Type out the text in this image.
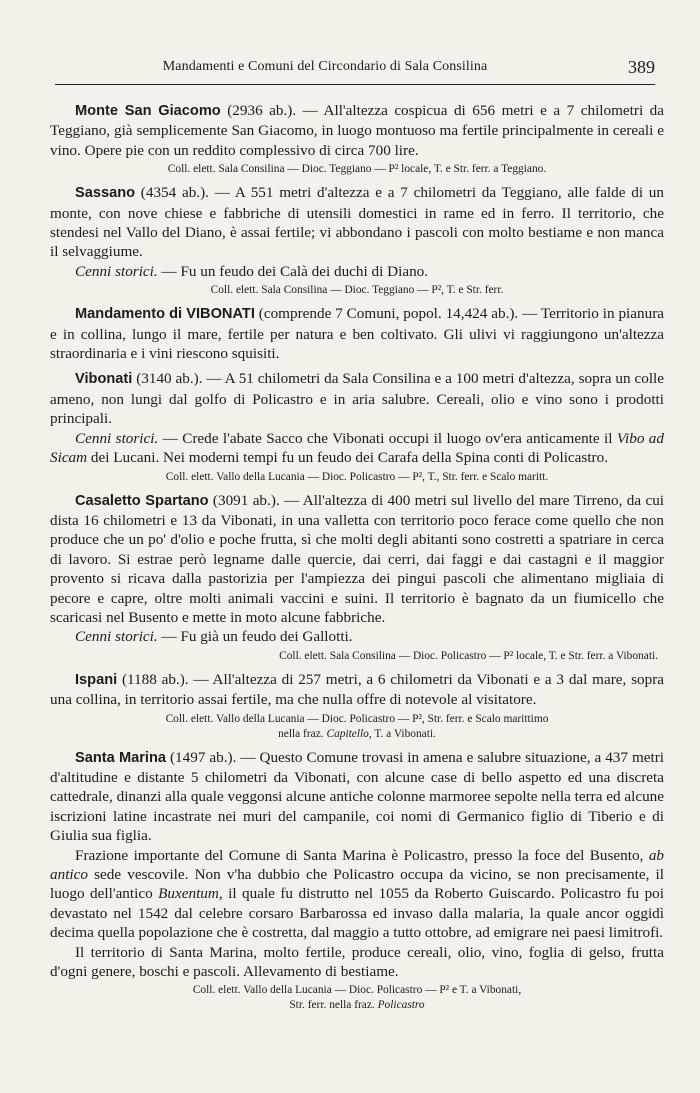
Mandamenti e Comuni del Circondario di Sala Consilina	389

Monte San Giacomo (2936 ab.). — All'altezza cospicua di 656 metri e a 7 chilometri da Teggiano, già semplicemente San Giacomo, in luogo montuoso ma fertile principalmente in cereali e vino. Opere pie con un reddito complessivo di circa 700 lire.

Coll. elett. Sala Consilina — Dioc. Teggiano — P² locale, T. e Str. ferr. a Teggiano.

Sassano (4354 ab.). — A 551 metri d'altezza e a 7 chilometri da Teggiano, alle falde di un monte, con nove chiese e fabbriche di utensili domestici in rame ed in ferro. Il territorio, che stendesi nel Vallo del Diano, è assai fertile; vi abbondano i pascoli con molto bestiame e non manca il selvaggiume.

Cenni storici. — Fu un feudo dei Calà dei duchi di Diano.

Coll. elett. Sala Consilina — Dioc. Teggiano — P², T. e Str. ferr.

Mandamento di VIBONATI (comprende 7 Comuni, popol. 14,424 ab.). — Territorio in pianura e in collina, lungo il mare, fertile per natura e ben coltivato. Gli ulivi vi raggiungono un'altezza straordinaria e i vini riescono squisiti.

Vibonati (3140 ab.). — A 51 chilometri da Sala Consilina e a 100 metri d'altezza, sopra un colle ameno, non lungi dal golfo di Policastro e in aria salubre. Cereali, olio e vino sono i prodotti principali.

Cenni storici. — Crede l'abate Sacco che Vibonati occupi il luogo ov'era anticamente il Vibo ad Sicam dei Lucani. Nei moderni tempi fu un feudo dei Carafa della Spina conti di Policastro.

Coll. elett. Vallo della Lucania — Dioc. Policastro — P², T., Str. ferr. e Scalo maritt.

Casaletto Spartano (3091 ab.). — All'altezza di 400 metri sul livello del mare Tirreno, da cui dista 16 chilometri e 13 da Vibonati, in una valletta con territorio poco ferace come quello che non produce che un po' d'olio e poche frutta, sì che molti degli abitanti sono costretti a spatriare in cerca di lavoro. Si estrae però legname dalle quercie, dai cerri, dai faggi e dai castagni e il maggior provento si ricava dalla pastorizia per l'ampiezza dei pingui pascoli che alimentano migliaia di pecore e capre, oltre molti animali vaccini e suini. Il territorio è bagnato da un fiumicello che scaricasi nel Busento e mette in moto alcune fabbriche.

Cenni storici. — Fu già un feudo dei Gallotti.

Coll. elett. Sala Consilina — Dioc. Policastro — P² locale, T. e Str. ferr. a Vibonati.

Ispani (1188 ab.). — All'altezza di 257 metri, a 6 chilometri da Vibonati e a 3 dal mare, sopra una collina, in territorio assai fertile, ma che nulla offre di notevole al visitatore.

Coll. elett. Vallo della Lucania — Dioc. Policastro — P², Str. ferr. e Scalo marittimo
nella fraz. Capitello, T. a Vibonati.

Santa Marina (1497 ab.). — Questo Comune trovasi in amena e salubre situazione, a 437 metri d'altitudine e distante 5 chilometri da Vibonati, con alcune case di bello aspetto ed una discreta cattedrale, dinanzi alla quale veggonsi alcune antiche colonne marmoree sepolte nella terra ed alcune iscrizioni latine incastrate nei muri del campanile, coi nomi di Germanico figlio di Tiberio e di Giulia sua figlia.

Frazione importante del Comune di Santa Marina è Policastro, presso la foce del Busento, ab antico sede vescovile. Non v'ha dubbio che Policastro occupa da vicino, se non precisamente, il luogo dell'antico Buxentum, il quale fu distrutto nel 1055 da Roberto Guiscardo. Policastro fu poi devastato nel 1542 dal celebre corsaro Barbarossa ed invaso dalla malaria, la quale ancor oggidì decima quella popolazione che è costretta, dal maggio a tutto ottobre, ad emigrare nei paesi limitrofi.

Il territorio di Santa Marina, molto fertile, produce cereali, olio, vino, foglia di gelso, frutta d'ogni genere, boschi e pascoli. Allevamento di bestiame.

Coll. elett. Vallo della Lucania — Dioc. Policastro — P² e T. a Vibonati,
Str. ferr. nella fraz. Policastro
